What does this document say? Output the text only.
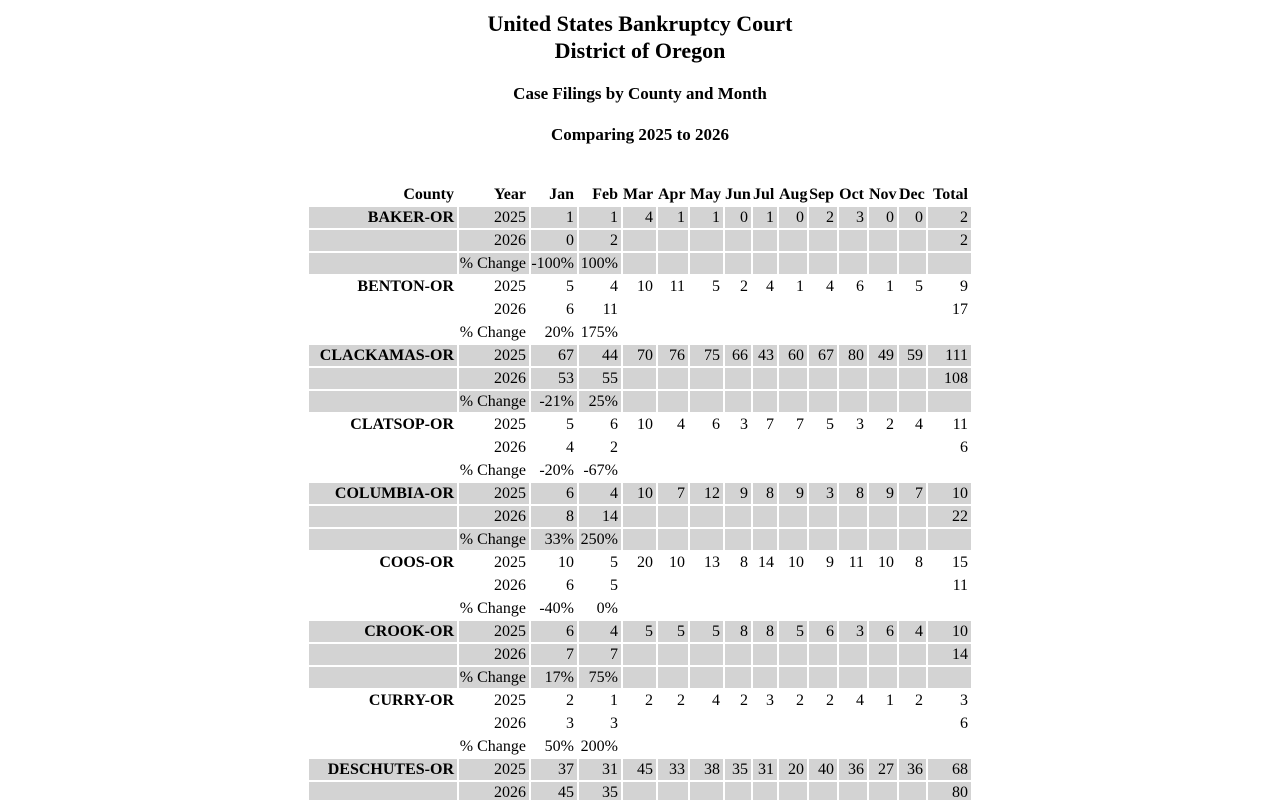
United States Bankruptcy Court
District of Oregon
Case Filings by County and Month
Comparing 2025 to 2026
County	Year	Jan	Feb	Mar	Apr	May	Jun	Jul	Aug	Sep	Oct	Nov	Dec	Total
BAKER-OR	2025	1	1	4	1	1	0	1	0	2	3	0	0	2
	2026	0	2											2
	% Change	-100%	100%											
BENTON-OR	2025	5	4	10	11	5	2	4	1	4	6	1	5	9
	2026	6	11											17
	% Change	20%	175%											
CLACKAMAS-OR	2025	67	44	70	76	75	66	43	60	67	80	49	59	111
	2026	53	55											108
	% Change	-21%	25%											
CLATSOP-OR	2025	5	6	10	4	6	3	7	7	5	3	2	4	11
	2026	4	2											6
	% Change	-20%	-67%											
COLUMBIA-OR	2025	6	4	10	7	12	9	8	9	3	8	9	7	10
	2026	8	14											22
	% Change	33%	250%											
COOS-OR	2025	10	5	20	10	13	8	14	10	9	11	10	8	15
	2026	6	5											11
	% Change	-40%	0%											
CROOK-OR	2025	6	4	5	5	5	8	8	5	6	3	6	4	10
	2026	7	7											14
	% Change	17%	75%											
CURRY-OR	2025	2	1	2	2	4	2	3	2	2	4	1	2	3
	2026	3	3											6
	% Change	50%	200%											
DESCHUTES-OR	2025	37	31	45	33	38	35	31	20	40	36	27	36	68
	2026	45	35											80
